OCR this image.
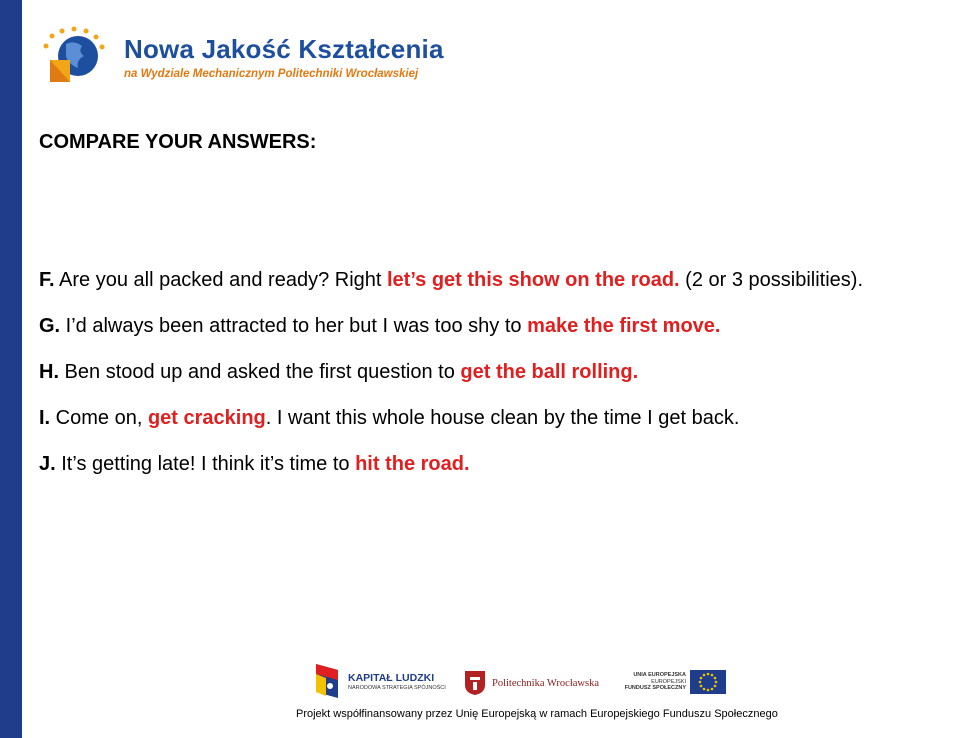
Nowa Jakość Kształcenia
na Wydziale Mechanicznym Politechniki Wrocławskiej
COMPARE YOUR ANSWERS:

F. Are you all packed and ready? Right let’s get this show on the road. (2 or 3 possibilities).

G. I’d always been attracted to her but I was too shy to make the first move.

H. Ben stood up and asked the first question to get the ball rolling.

I. Come on, get cracking. I want this whole house clean by the time I get back.

J. It’s getting late! I think it’s time to hit the road.

KAPITAŁ LUDZKI
NARODOWA STRATEGIA SPÓJNOŚCI	Politechnika Wrocławska
UNIA EUROPEJSKA
EUROPEJSKI
FUNDUSZ SPOŁECZNY
Projekt współfinansowany przez Unię Europejską w ramach Europejskiego Funduszu Społecznego
